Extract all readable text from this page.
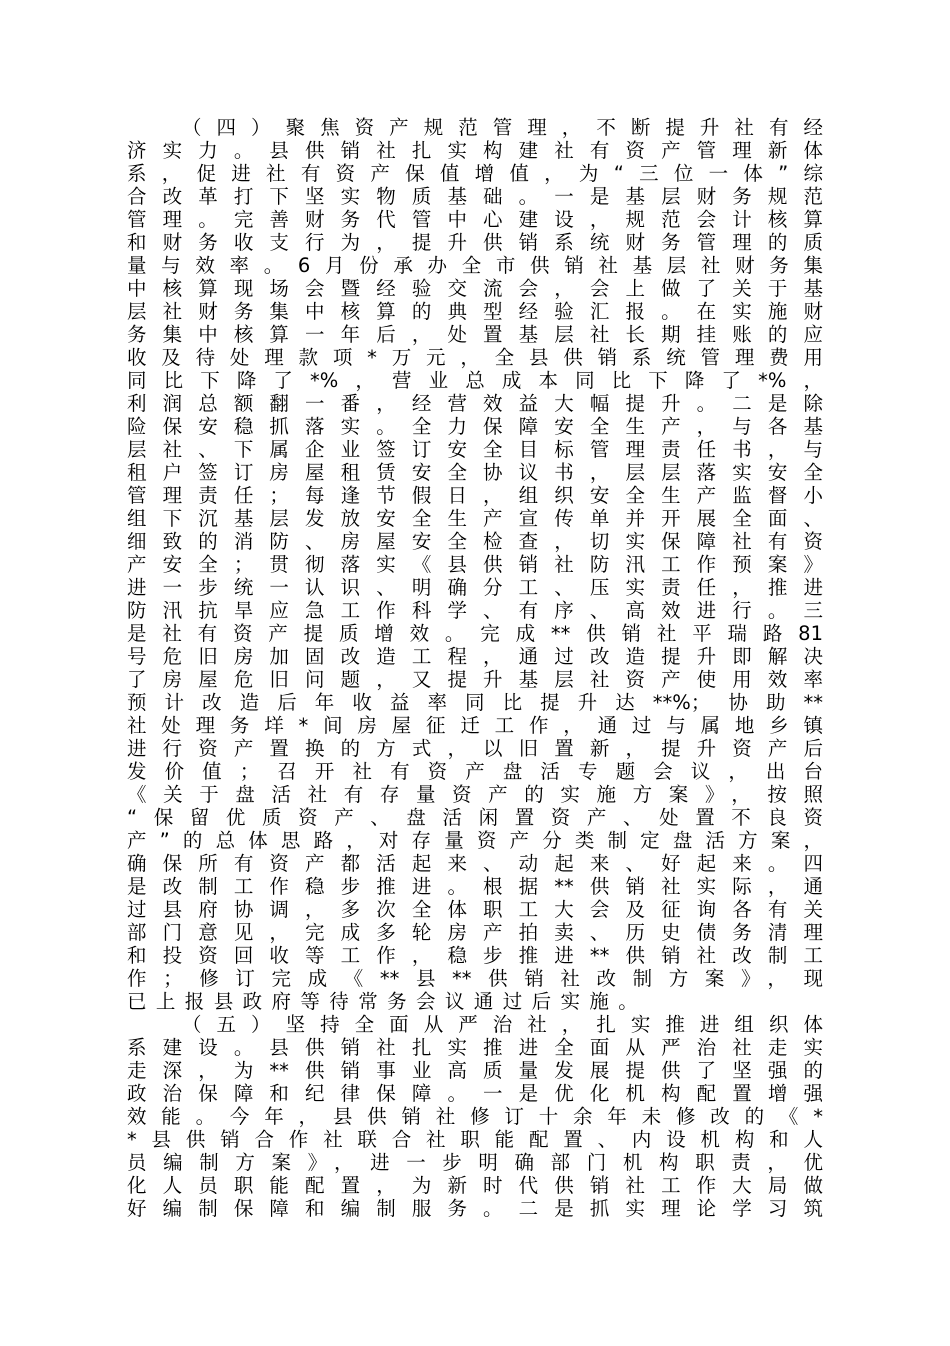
（四）聚焦资产规范管理，不断提升社有经
济实力。县供销社扎实构建社有资产管理新体
系，促进社有资产保值增值，为“三位一体”综
合改革打下坚实物质基础。一是基层财务规范
管理。完善财务代管中心建设，规范会计核算
和财务收支行为，提升供销系统财务管理的质
量与效率。6月份承办全市供销社基层社财务集
中核算现场会暨经验交流会，会上做了关于基
层社财务集中核算的典型经验汇报。在实施财
务集中核算一年后，处置基层社长期挂账的应
收及待处理款项*万元，全县供销系统管理费用
同比下降了*%，营业总成本同比下降了*%，
利润总额翻一番，经营效益大幅提升。二是除
险保安稳抓落实。全力保障安全生产，与各基
层社、下属企业签订安全目标管理责任书，与
租户签订房屋租赁安全协议书，层层落实安全
管理责任；每逢节假日，组织安全生产监督小
组下沉基层发放安全生产宣传单并开展全面、
细致的消防、房屋安全检查，切实保障社有资
产安全；贯彻落实《县供销社防汛工作预案》
进一步统一认识、明确分工、压实责任，推进
防汛抗旱应急工作科学、有序、高效进行。三
是社有资产提质增效。完成**供销社平瑞路81
号危旧房加固改造工程，通过改造提升即解决
了房屋危旧问题，又提升基层社资产使用效率
预计改造后年收益率同比提升达**%；协助**
社处理务垟*间房屋征迁工作，通过与属地乡镇
进行资产置换的方式，以旧置新，提升资产后
发价值；召开社有资产盘活专题会议，出台
《关于盘活社有存量资产的实施方案》，按照
“保留优质资产、盘活闲置资产、处置不良资
产”的总体思路，对存量资产分类制定盘活方案，
确保所有资产都活起来、动起来、好起来。四
是改制工作稳步推进。根据**供销社实际，通
过县府协调，多次全体职工大会及征询各有关
部门意见，完成多轮房产拍卖、历史债务清理
和投资回收等工作，稳步推进**供销社改制工
作；修订完成《**县**供销社改制方案》，现
已上报县政府等待常务会议通过后实施。
（五）坚持全面从严治社，扎实推进组织体
系建设。县供销社扎实推进全面从严治社走实
走深，为**供销事业高质量发展提供了坚强的
政治保障和纪律保障。一是优化机构配置增强
效能。今年，县供销社修订十余年未修改的《*
*县供销合作社联合社职能配置、内设机构和人
员编制方案》，进一步明确部门机构职责，优
化人员职能配置，为新时代供销社工作大局做
好编制保障和编制服务。二是抓实理论学习筑
